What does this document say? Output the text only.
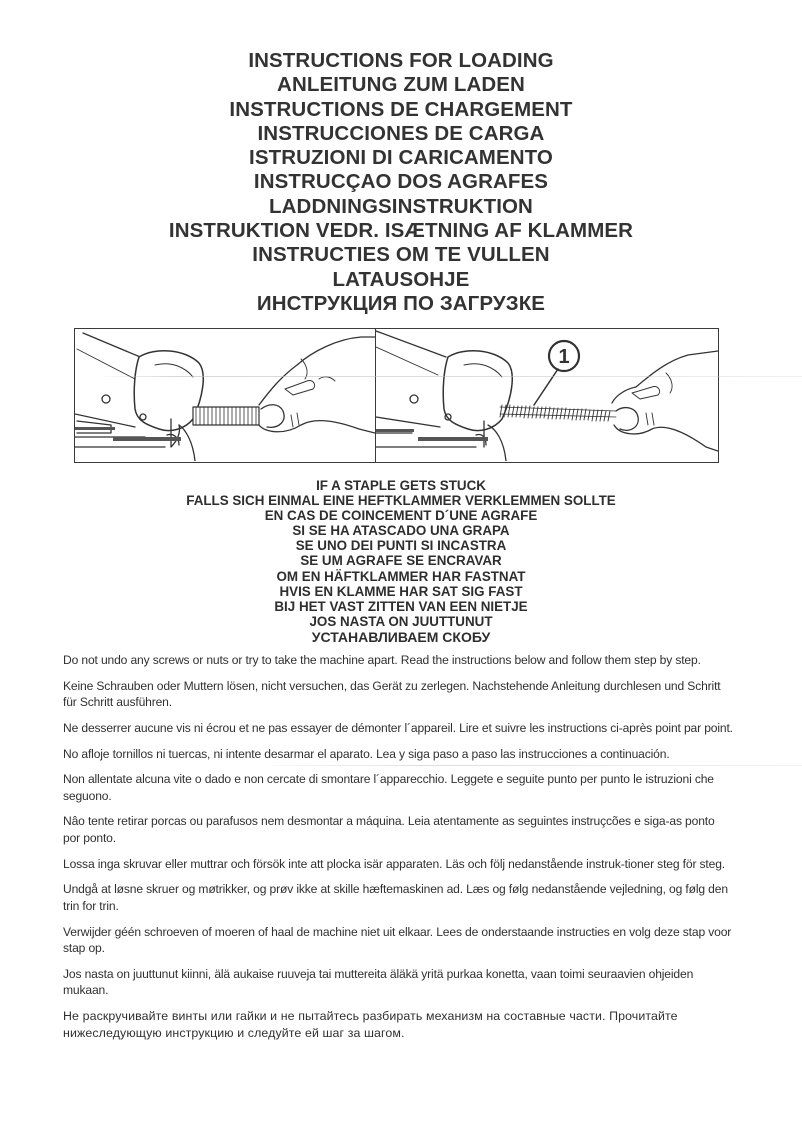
INSTRUCTIONS FOR LOADING
ANLEITUNG ZUM LADEN
INSTRUCTIONS DE CHARGEMENT
INSTRUCCIONES DE CARGA
ISTRUZIONI DI CARICAMENTO
INSTRUCÇAO DOS AGRAFES
LADDNINGSINSTRUKTION
INSTRUKTION VEDR. ISÆTNING AF KLAMMER
INSTRUCTIES OM TE VULLEN
LATAUSOHJE
ИНСТРУКЦИЯ ПО ЗАГРУЗКЕ
1
IF A STAPLE GETS STUCK
FALLS SICH EINMAL EINE HEFTKLAMMER VERKLEMMEN SOLLTE
EN CAS DE COINCEMENT D´UNE AGRAFE
SI SE HA ATASCADO UNA GRAPA
SE UNO DEI PUNTI SI INCASTRA
SE UM AGRAFE SE ENCRAVAR
OM EN HÄFTKLAMMER HAR FASTNAT
HVIS EN KLAMME HAR SAT SIG FAST
BIJ HET VAST ZITTEN VAN EEN NIETJE
JOS NASTA ON JUUTTUNUT
УСТАНАВЛИВАЕМ СКОБУ

Do not undo any screws or nuts or try to take the machine apart. Read the instructions below and follow them step by step.

Keine Schrauben oder Muttern lösen, nicht versuchen, das Gerät zu zerlegen. Nachstehende Anleitung durchlesen und Schritt für Schritt ausführen.

Ne desserrer aucune vis ni écrou et ne pas essayer de démonter l´appareil. Lire et suivre les instructions ci-après point par point.

No afloje tornillos ni tuercas, ni intente desarmar el aparato. Lea y siga paso a paso las instrucciones a continuación.

Non allentate alcuna vite o dado e non cercate di smontare l´apparecchio. Leggete e seguite punto per punto le istruzioni che seguono.

Nâo tente retirar porcas ou parafusos nem desmontar a máquina. Leia atentamente as seguintes instruçcões e siga-as ponto por ponto.

Lossa inga skruvar eller muttrar och försök inte att plocka isär apparaten. Läs och följ nedanstående instruk-tioner steg för steg.

Undgå at løsne skruer og møtrikker, og prøv ikke at skille hæftemaskinen ad. Læs og følg nedanstående vejledning, og følg den trin for trin.

Verwijder géén schroeven of moeren of haal de machine niet uit elkaar. Lees de onderstaande instructies en volg deze stap voor stap op.

Jos nasta on juuttunut kiinni, älä aukaise ruuveja tai muttereita äläkä yritä purkaa konetta, vaan toimi seuraavien ohjeiden mukaan.

Не раскручивайте винты или гайки и не пытайтесь разбирать механизм на составные части. Прочитайте нижеследующую инструкцию и следуйте ей шаг за шагом.
